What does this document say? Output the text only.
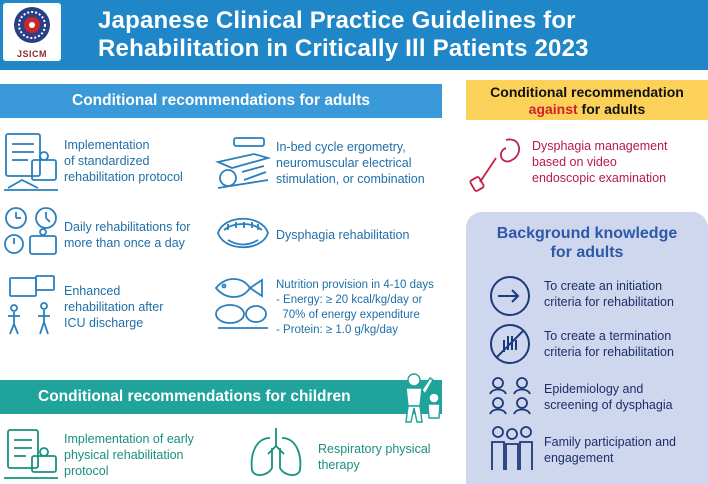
JSICM
Japanese Clinical Practice Guidelines for
Rehabilitation in Critically Ill Patients 2023
Conditional recommendations for adults	Conditional recommendation
against for adults
Implementation
of standardized
rehabilitation protocol
Daily rehabilitations for
more than once a day
Enhanced
rehabilitation after
ICU discharge
In-bed cycle ergometry,
neuromuscular electrical
stimulation, or combination
Dysphagia rehabilitation
Nutrition provision in 4-10 days
- Energy: ≥ 20 kcal/kg/day or
70% of energy expenditure
- Protein: ≥ 1.0 g/kg/day
Dysphagia management
based on video
endoscopic examination
Background knowledge
for adults
To create an initiation
criteria for rehabilitation
To create a termination
criteria for rehabilitation
Epidemiology and
screening of dysphagia
Family participation and
engagement
Conditional recommendations for children
Implementation of early
physical rehabilitation
protocol
Respiratory physical
therapy
